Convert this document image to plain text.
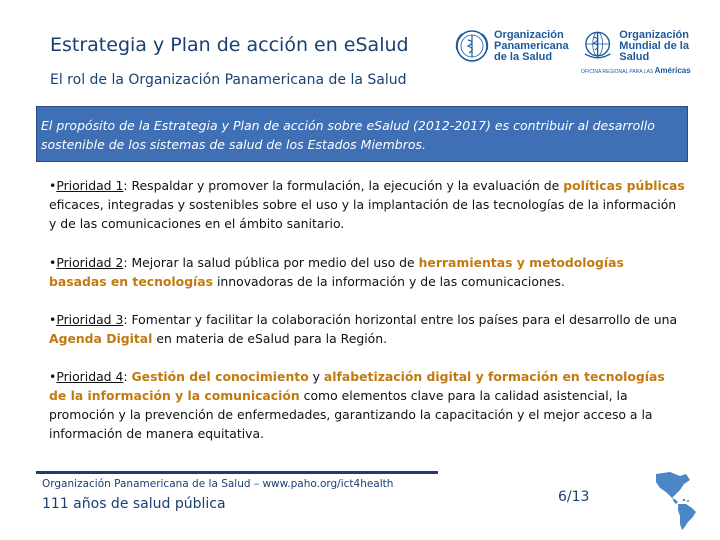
Estrategia y Plan de acción en eSalud
El rol de la Organización Panamericana de la Salud
Organización
Panamericana
de la Salud
Organización
Mundial de la Salud
OFICINA REGIONAL PARA LAS Américas
El propósito de la Estrategia y Plan de acción sobre eSalud (2012-2017) es contribuir al desarrollo sostenible de los sistemas de salud de los Estados Miembros.

•Prioridad 1: Respaldar y promover la formulación, la ejecución y la evaluación de políticas públicas eficaces, integradas y sostenibles sobre el uso y la implantación de las tecnologías de la información y de las comunicaciones en el ámbito sanitario.

•Prioridad 2: Mejorar la salud pública por medio del uso de herramientas y metodologías basadas en tecnologías innovadoras de la información y de las comunicaciones.

•Prioridad 3: Fomentar y facilitar la colaboración horizontal entre los países para el desarrollo de una Agenda Digital en materia de eSalud para la Región.

•Prioridad 4: Gestión del conocimiento y alfabetización digital y formación en tecnologías de la información y la comunicación como elementos clave para la calidad asistencial, la promoción y la prevención de enfermedades, garantizando la capacitación y el mejor acceso a la información de manera equitativa.

Organización Panamericana de la Salud – www.paho.org/ict4health
111 años de salud pública	6/13
